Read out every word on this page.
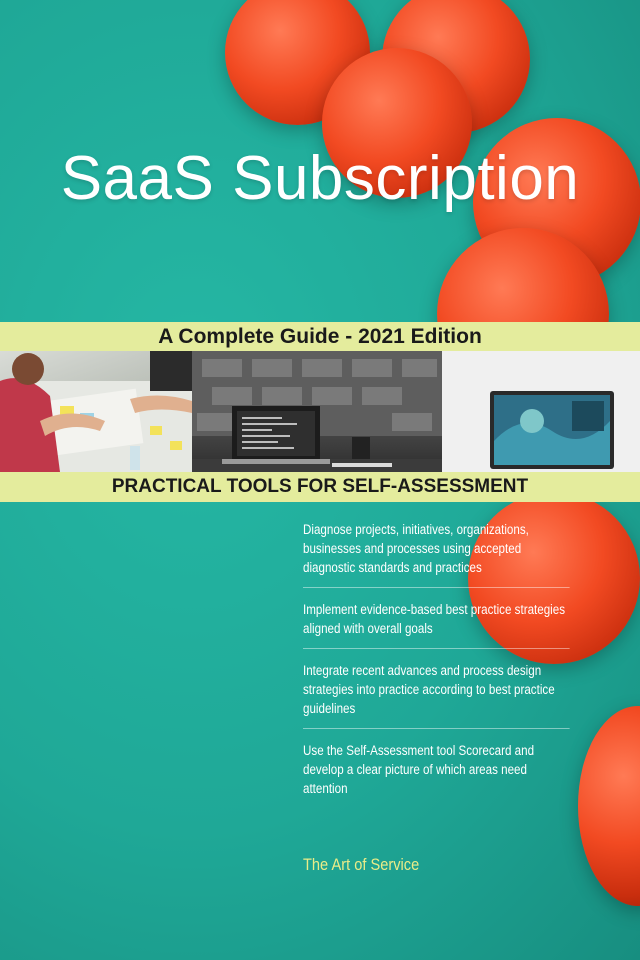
SaaS Subscription
A Complete Guide - 2021 Edition
PRACTICAL TOOLS FOR SELF-ASSESSMENT
Diagnose projects, initiatives, organizations, businesses and processes using accepted diagnostic standards and practices
Implement evidence-based best practice strategies aligned with overall goals
Integrate recent advances and process design strategies into practice according to best practice guidelines
Use the Self-Assessment tool Scorecard and develop a clear picture of which areas need attention
The Art of Service
